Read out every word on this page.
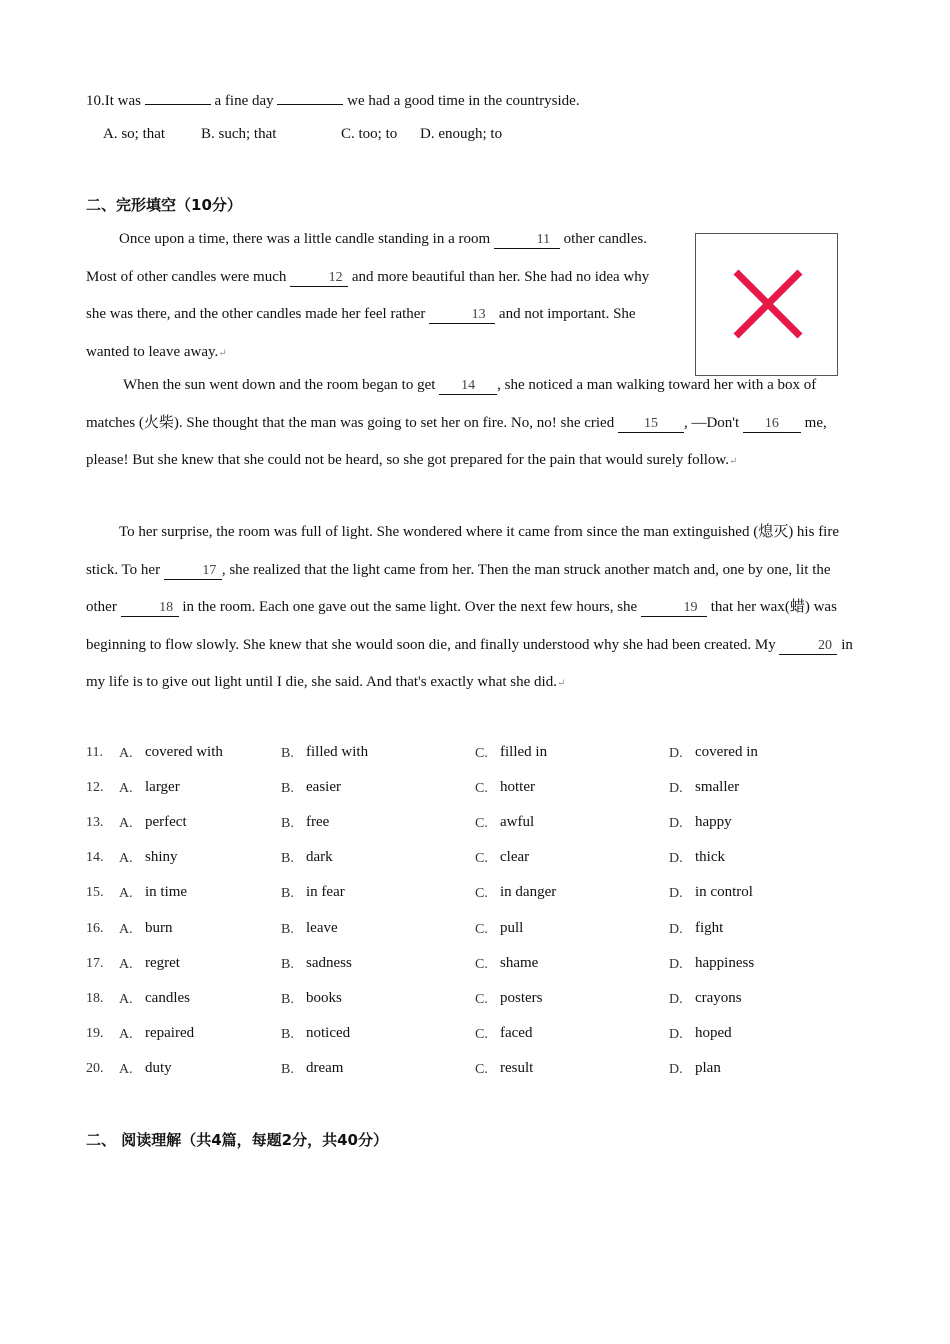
10.It was	a fine day	we had a good time in the countryside.
A. so; that B. such; that	C. too; to D. enough; to
二、完形填空（10分）
Once upon a time, there was a little candle standing in a room	11 other candles. Most of other candles were much	12 and more beautiful than her. She had no idea why she was there, and the other candles made her feel rather	13 and not important. She wanted to leave away.↵
When the sun went down and the room began to get 14 , she noticed a man walking toward her with a box of matches (火柴). She thought that the man was going to set her on fire. No, no! she cried 15 , —Don't 16 me, please! But she knew that she could not be heard, so she got prepared for the pain that would surely follow.↵
To her surprise, the room was full of light. She wondered where it came from since the man extinguished (熄灭) his fire stick. To her	17 , she realized that the light came from her. Then the man struck another match and, one by one, lit the other	18 in the room. Each one gave out the same light. Over the next few hours, she	19 that her wax(蜡) was beginning to flow slowly. She knew that she would soon die, and finally understood why she had been created. My	20 in my life is to give out light until I die, she said. And that's exactly what she did.↵
11. A. covered with	B. filled with	C. filled in	D. covered in
12. A. larger	B. easier	C. hotter	D. smaller
13. A. perfect	B. free	C. awful	D. happy
14. A. shiny	B. dark	C. clear	D. thick
15. A. in time	B. in fear	C. in danger	D. in control
16. A. burn	B. leave	C. pull	D. fight
17. A. regret	B. sadness	C. shame	D. happiness
18. A. candles	B. books	C. posters	D. crayons
19. A. repaired	B. noticed	C. faced	D. hoped
20. A. duty	B. dream	C. result	D. plan
二、 阅读理解（共4篇，每题2分，共40分）
